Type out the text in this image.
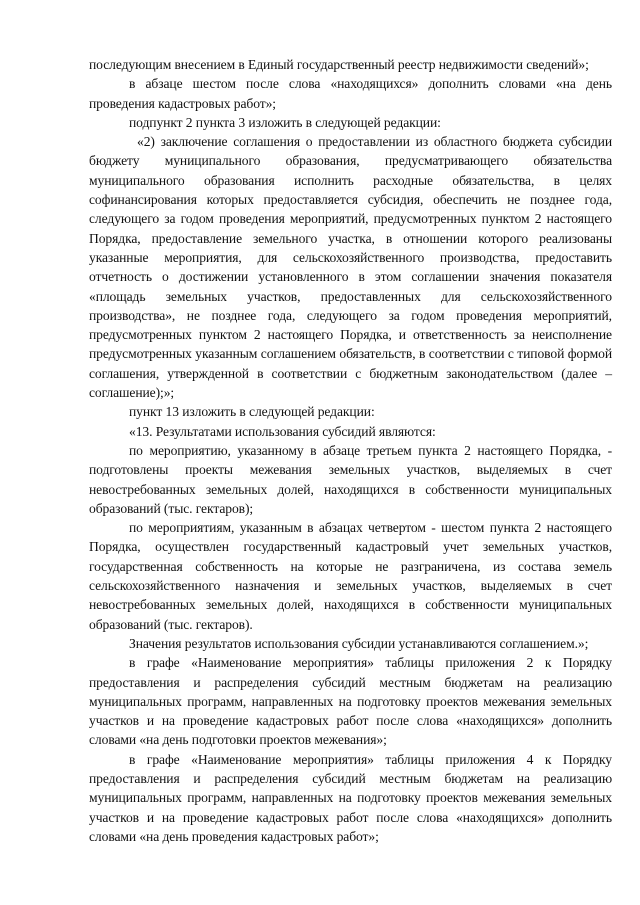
последующим внесением в Единый государственный реестр недвижимости сведений»;

в абзаце шестом после слова «находящихся» дополнить словами «на день проведения кадастровых работ»;

подпункт 2 пункта 3 изложить в следующей редакции:

«2) заключение соглашения о предоставлении из областного бюджета субсидии бюджету муниципального образования, предусматривающего обязательства муниципального образования исполнить расходные обязательства, в целях софинансирования которых предоставляется субсидия, обеспечить не позднее года, следующего за годом проведения мероприятий, предусмотренных пунктом 2 настоящего Порядка, предоставление земельного участка, в отношении которого реализованы указанные мероприятия, для сельскохозяйственного производства, предоставить отчетность о достижении установленного в этом соглашении значения показателя «площадь земельных участков, предоставленных для сельскохозяйственного производства», не позднее года, следующего за годом проведения мероприятий, предусмотренных пунктом 2 настоящего Порядка, и ответственность за неисполнение предусмотренных указанным соглашением обязательств, в соответствии с типовой формой соглашения, утвержденной в соответствии с бюджетным законодательством (далее – соглашение);»;

пункт 13 изложить в следующей редакции:

«13. Результатами использования субсидий являются:

по мероприятию, указанному в абзаце третьем пункта 2 настоящего Порядка, - подготовлены проекты межевания земельных участков, выделяемых в счет невостребованных земельных долей, находящихся в собственности муниципальных образований (тыс. гектаров);

по мероприятиям, указанным в абзацах четвертом - шестом пункта 2 настоящего Порядка, осуществлен государственный кадастровый учет земельных участков, государственная собственность на которые не разграничена, из состава земель сельскохозяйственного назначения и земельных участков, выделяемых в счет невостребованных земельных долей, находящихся в собственности муниципальных образований (тыс. гектаров).

Значения результатов использования субсидии устанавливаются соглашением.»;

в графе «Наименование мероприятия» таблицы приложения 2 к Порядку предоставления и распределения субсидий местным бюджетам на реализацию муниципальных программ, направленных на подготовку проектов межевания земельных участков и на проведение кадастровых работ после слова «находящихся» дополнить словами «на день подготовки проектов межевания»;

в графе «Наименование мероприятия» таблицы приложения 4 к Порядку предоставления и распределения субсидий местным бюджетам на реализацию муниципальных программ, направленных на подготовку проектов межевания земельных участков и на проведение кадастровых работ после слова «находящихся» дополнить словами «на день проведения кадастровых работ»;
